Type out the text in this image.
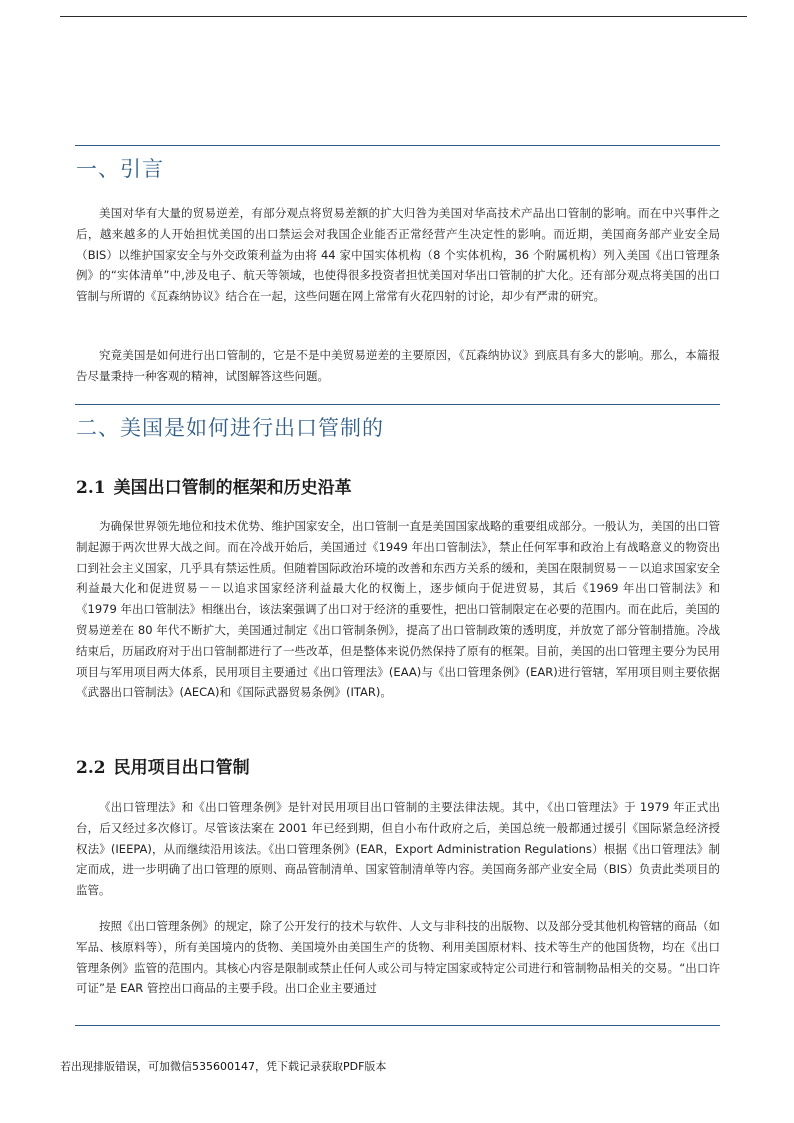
一、引言

美国对华有大量的贸易逆差，有部分观点将贸易差额的扩大归咎为美国对华高技术产品出口管制的影响。而在中兴事件之后，越来越多的人开始担忧美国的出口禁运会对我国企业能否正常经营产生决定性的影响。而近期，美国商务部产业安全局（BIS）以维护国家安全与外交政策利益为由将 44 家中国实体机构（8 个实体机构，36 个附属机构）列入美国《出口管理条例》的“实体清单”中,涉及电子、航天等领域，也使得很多投资者担忧美国对华出口管制的扩大化。还有部分观点将美国的出口管制与所谓的《瓦森纳协议》结合在一起，这些问题在网上常常有火花四射的讨论，却少有严肃的研究。

究竟美国是如何进行出口管制的，它是不是中美贸易逆差的主要原因，《瓦森纳协议》到底具有多大的影响。那么，本篇报告尽量秉持一种客观的精神，试图解答这些问题。

二、美国是如何进行出口管制的
2.1 美国出口管制的框架和历史沿革

为确保世界领先地位和技术优势、维护国家安全，出口管制一直是美国国家战略的重要组成部分。一般认为，美国的出口管制起源于两次世界大战之间。而在冷战开始后，美国通过《1949 年出口管制法》，禁止任何军事和政治上有战略意义的物资出口到社会主义国家，几乎具有禁运性质。但随着国际政治环境的改善和东西方关系的缓和，美国在限制贸易－－以追求国家安全利益最大化和促进贸易－－以追求国家经济利益最大化的权衡上，逐步倾向于促进贸易，其后《1969 年出口管制法》和《1979 年出口管制法》相继出台，该法案强调了出口对于经济的重要性，把出口管制限定在必要的范围内。而在此后，美国的贸易逆差在 80 年代不断扩大，美国通过制定《出口管制条例》，提高了出口管制政策的透明度，并放宽了部分管制措施。冷战结束后，历届政府对于出口管制都进行了一些改革，但是整体来说仍然保持了原有的框架。目前，美国的出口管理主要分为民用项目与军用项目两大体系，民用项目主要通过《出口管理法》(EAA)与《出口管理条例》(EAR)进行管辖，军用项目则主要依据《武器出口管制法》(AECA)和《国际武器贸易条例》(ITAR)。

2.2 民用项目出口管制

《出口管理法》和《出口管理条例》是针对民用项目出口管制的主要法律法规。其中，《出口管理法》于 1979 年正式出台，后又经过多次修订。尽管该法案在 2001 年已经到期，但自小布什政府之后，美国总统一般都通过援引《国际紧急经济授权法》(IEEPA)，从而继续沿用该法。《出口管理条例》(EAR，Export Administration Regulations）根据《出口管理法》制定而成，进一步明确了出口管理的原则、商品管制清单、国家管制清单等内容。美国商务部产业安全局（BIS）负责此类项目的监管。

按照《出口管理条例》的规定，除了公开发行的技术与软件、人文与非科技的出版物、以及部分受其他机构管辖的商品（如军品、核原料等），所有美国境内的货物、美国境外由美国生产的货物、利用美国原材料、技术等生产的他国货物，均在《出口管理条例》监管的范围内。其核心内容是限制或禁止任何人或公司与特定国家或特定公司进行和管制物品相关的交易。“出口许可证”是 EAR 管控出口商品的主要手段。出口企业主要通过

若出现排版错误，可加微信535600147，凭下载记录获取PDF版本
